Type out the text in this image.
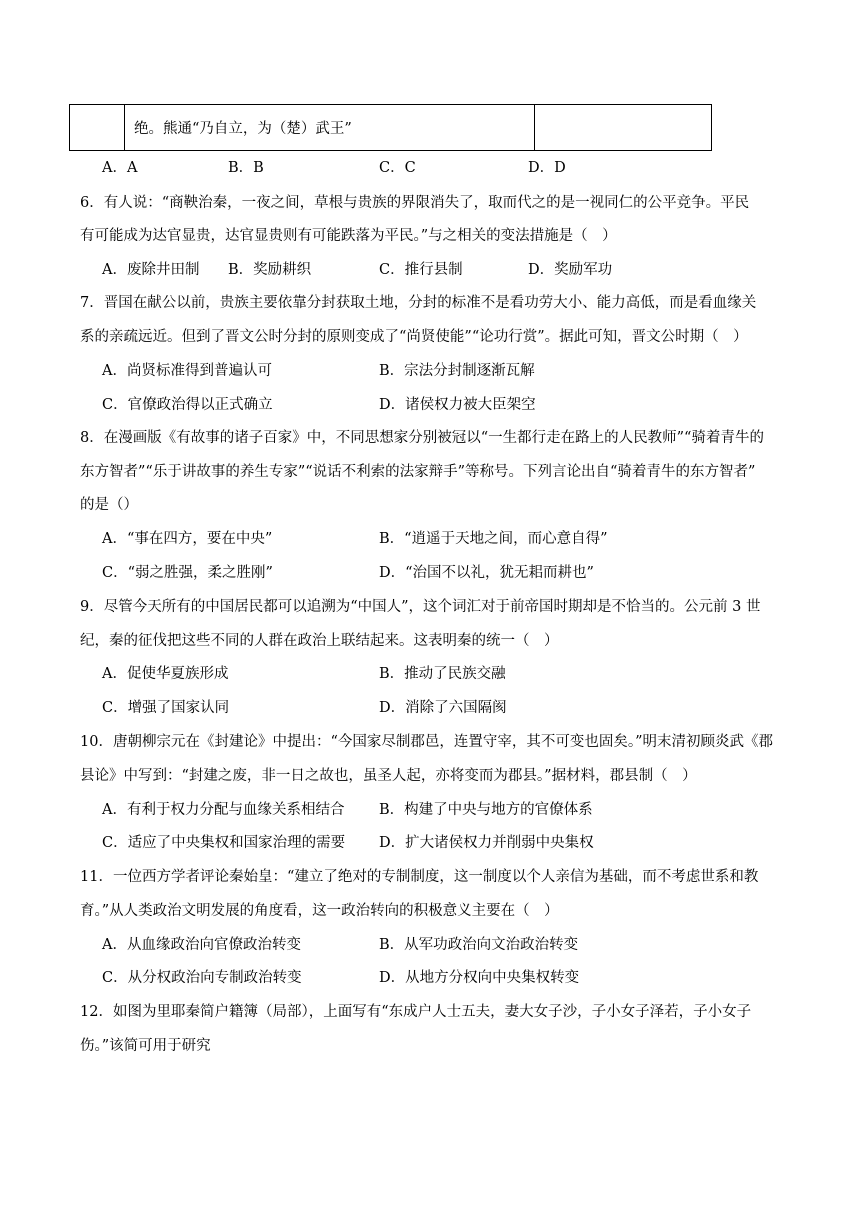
	绝。熊通“乃自立，为（楚）武王”	
A．A	B．B	C．C	D．D
6．有人说：“商鞅治秦，一夜之间，草根与贵族的界限消失了，取而代之的是一视同仁的公平竞争。平民
有可能成为达官显贵，达官显贵则有可能跌落为平民。”与之相关的变法措施是（　）
A．废除井田制 B．奖励耕织	C．推行县制	D．奖励军功
7．晋国在献公以前，贵族主要依靠分封获取土地，分封的标准不是看功劳大小、能力高低，而是看血缘关
系的亲疏远近。但到了晋文公时分封的原则变成了“尚贤使能”“论功行赏”。据此可知，晋文公时期（　）
A．尚贤标准得到普遍认可	B．宗法分封制逐渐瓦解
C．官僚政治得以正式确立	D．诸侯权力被大臣架空
8．在漫画版《有故事的诸子百家》中，不同思想家分别被冠以“一生都行走在路上的人民教师”“骑着青牛的
东方智者”“乐于讲故事的养生专家”“说话不利索的法家辩手”等称号。下列言论出自“骑着青牛的东方智者”
的是（）
A．“事在四方，要在中央”	B．“逍遥于天地之间，而心意自得”
C．“弱之胜强，柔之胜刚”	D．“治国不以礼，犹无耜而耕也”
9．尽管今天所有的中国居民都可以追溯为“中国人”，这个词汇对于前帝国时期却是不恰当的。公元前 3 世
纪，秦的征伐把这些不同的人群在政治上联结起来。这表明秦的统一（　）
A．促使华夏族形成	B．推动了民族交融
C．增强了国家认同	D．消除了六国隔阂
10．唐朝柳宗元在《封建论》中提出：“今国家尽制郡邑，连置守宰，其不可变也固矣。”明末清初顾炎武《郡
县论》中写到：“封建之废，非一日之故也，虽圣人起，亦将变而为郡县。”据材料，郡县制（　）
A．有利于权力分配与血缘关系相结合 B．构建了中央与地方的官僚体系
C．适应了中央集权和国家治理的需要 D．扩大诸侯权力并削弱中央集权
11．一位西方学者评论秦始皇：“建立了绝对的专制制度，这一制度以个人亲信为基础，而不考虑世系和教
育。”从人类政治文明发展的角度看，这一政治转向的积极意义主要在（　）
A．从血缘政治向官僚政治转变	B．从军功政治向文治政治转变
C．从分权政治向专制政治转变	D．从地方分权向中央集权转变
12．如图为里耶秦简户籍簿（局部），上面写有“东成户人士五夫，妻大女子沙，子小女子泽若，子小女子
伤。”该简可用于研究
